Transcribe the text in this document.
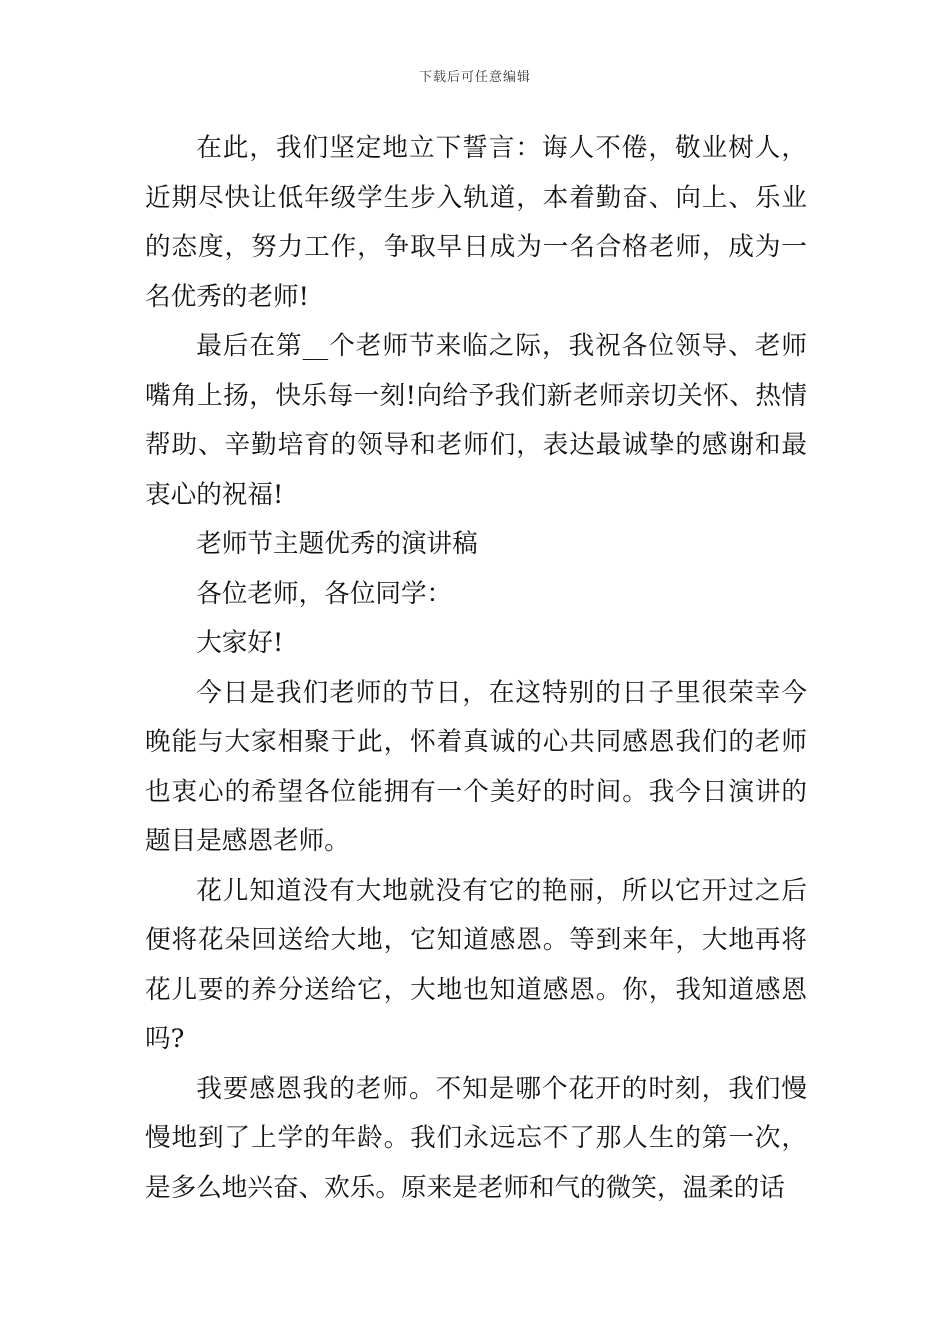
下载后可任意编辑

在此，我们坚定地立下誓言：诲人不倦，敬业树人，近期尽快让低年级学生步入轨道，本着勤奋、向上、乐业的态度，努力工作，争取早日成为一名合格老师，成为一名优秀的老师!

最后在第__个老师节来临之际，我祝各位领导、老师嘴角上扬，快乐每一刻!向给予我们新老师亲切关怀、热情帮助、辛勤培育的领导和老师们，表达最诚挚的感谢和最衷心的祝福!

老师节主题优秀的演讲稿

各位老师，各位同学：

大家好!

今日是我们老师的节日，在这特别的日子里很荣幸今晚能与大家相聚于此，怀着真诚的心共同感恩我们的老师也衷心的希望各位能拥有一个美好的时间。我今日演讲的题目是感恩老师。

花儿知道没有大地就没有它的艳丽，所以它开过之后便将花朵回送给大地，它知道感恩。等到来年，大地再将花儿要的养分送给它，大地也知道感恩。你，我知道感恩吗?

我要感恩我的老师。不知是哪个花开的时刻，我们慢慢地到了上学的年龄。我们永远忘不了那人生的第一次，是多么地兴奋、欢乐。原来是老师和气的微笑，温柔的话
